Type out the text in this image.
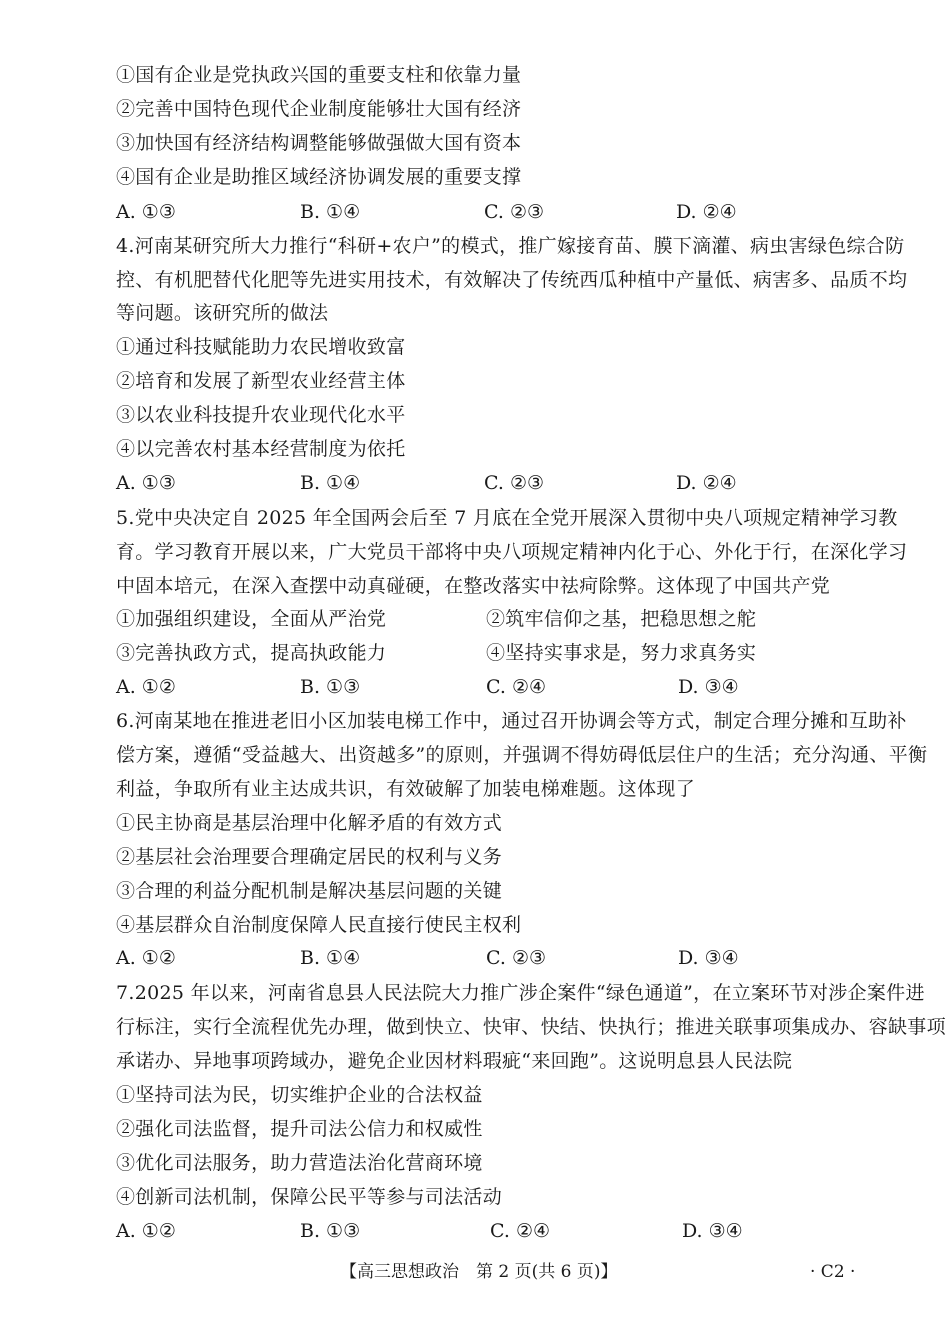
①国有企业是党执政兴国的重要支柱和依靠力量
②完善中国特色现代企业制度能够壮大国有经济
③加快国有经济结构调整能够做强做大国有资本
④国有企业是助推区域经济协调发展的重要支撑
A. ①③	B. ①④	C. ②③	D. ②④
4.河南某研究所大力推行“科研+农户”的模式，推广嫁接育苗、膜下滴灌、病虫害绿色综合防
控、有机肥替代化肥等先进实用技术，有效解决了传统西瓜种植中产量低、病害多、品质不均
等问题。该研究所的做法
①通过科技赋能助力农民增收致富
②培育和发展了新型农业经营主体
③以农业科技提升农业现代化水平
④以完善农村基本经营制度为依托
A. ①③	B. ①④	C. ②③	D. ②④
5.党中央决定自 2025 年全国两会后至 7 月底在全党开展深入贯彻中央八项规定精神学习教
育。学习教育开展以来，广大党员干部将中央八项规定精神内化于心、外化于行，在深化学习
中固本培元，在深入查摆中动真碰硬，在整改落实中祛疴除弊。这体现了中国共产党
①加强组织建设，全面从严治党	②筑牢信仰之基，把稳思想之舵
③完善执政方式，提高执政能力	④坚持实事求是，努力求真务实
A. ①②	B. ①③	C. ②④	D. ③④
6.河南某地在推进老旧小区加装电梯工作中，通过召开协调会等方式，制定合理分摊和互助补
偿方案，遵循“受益越大、出资越多”的原则，并强调不得妨碍低层住户的生活；充分沟通、平衡
利益，争取所有业主达成共识，有效破解了加装电梯难题。这体现了
①民主协商是基层治理中化解矛盾的有效方式
②基层社会治理要合理确定居民的权利与义务
③合理的利益分配机制是解决基层问题的关键
④基层群众自治制度保障人民直接行使民主权利
A. ①②	B. ①④	C. ②③	D. ③④
7.2025 年以来，河南省息县人民法院大力推广涉企案件“绿色通道”，在立案环节对涉企案件进
行标注，实行全流程优先办理，做到快立、快审、快结、快执行；推进关联事项集成办、容缺事项
承诺办、异地事项跨域办，避免企业因材料瑕疵“来回跑”。这说明息县人民法院
①坚持司法为民，切实维护企业的合法权益
②强化司法监督，提升司法公信力和权威性
③优化司法服务，助力营造法治化营商环境
④创新司法机制，保障公民平等参与司法活动
A. ①②	B. ①③	C. ②④	D. ③④
【高三思想政治　第 2 页(共 6 页)】	· C2 ·
